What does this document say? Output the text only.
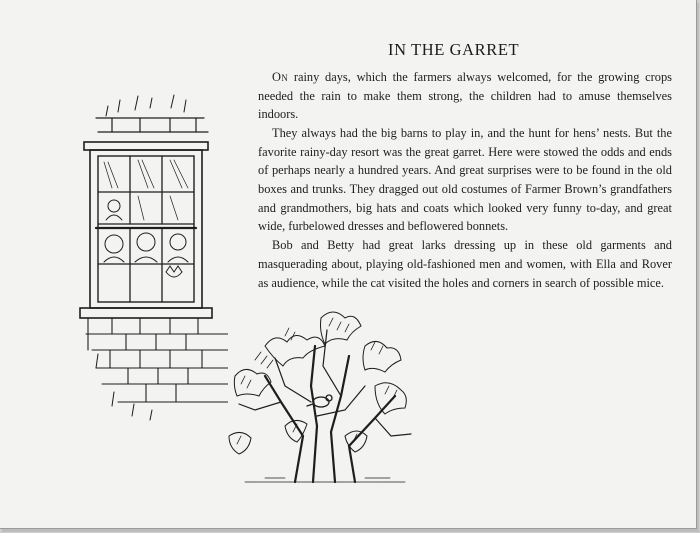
IN THE GARRET

On rainy days, which the farmers always welcomed, for the growing crops needed the rain to make them strong, the children had to amuse themselves indoors.

They always had the big barns to play in, and the hunt for hens’ nests. But the favorite rainy-day resort was the great garret. Here were stowed the odds and ends of perhaps nearly a hundred years. And great surprises were to be found in the old boxes and trunks. They dragged out old costumes of Farmer Brown’s grandfathers and grandmothers, big hats and coats which looked very funny to-day, and great wide, furbelowed dresses and beflowered bonnets.

Bob and Betty had great larks dressing up in these old garments and masquerading about, playing old-fashioned men and women, with Ella and Rover as audience, while the cat visited the holes and corners in search of possible mice.
